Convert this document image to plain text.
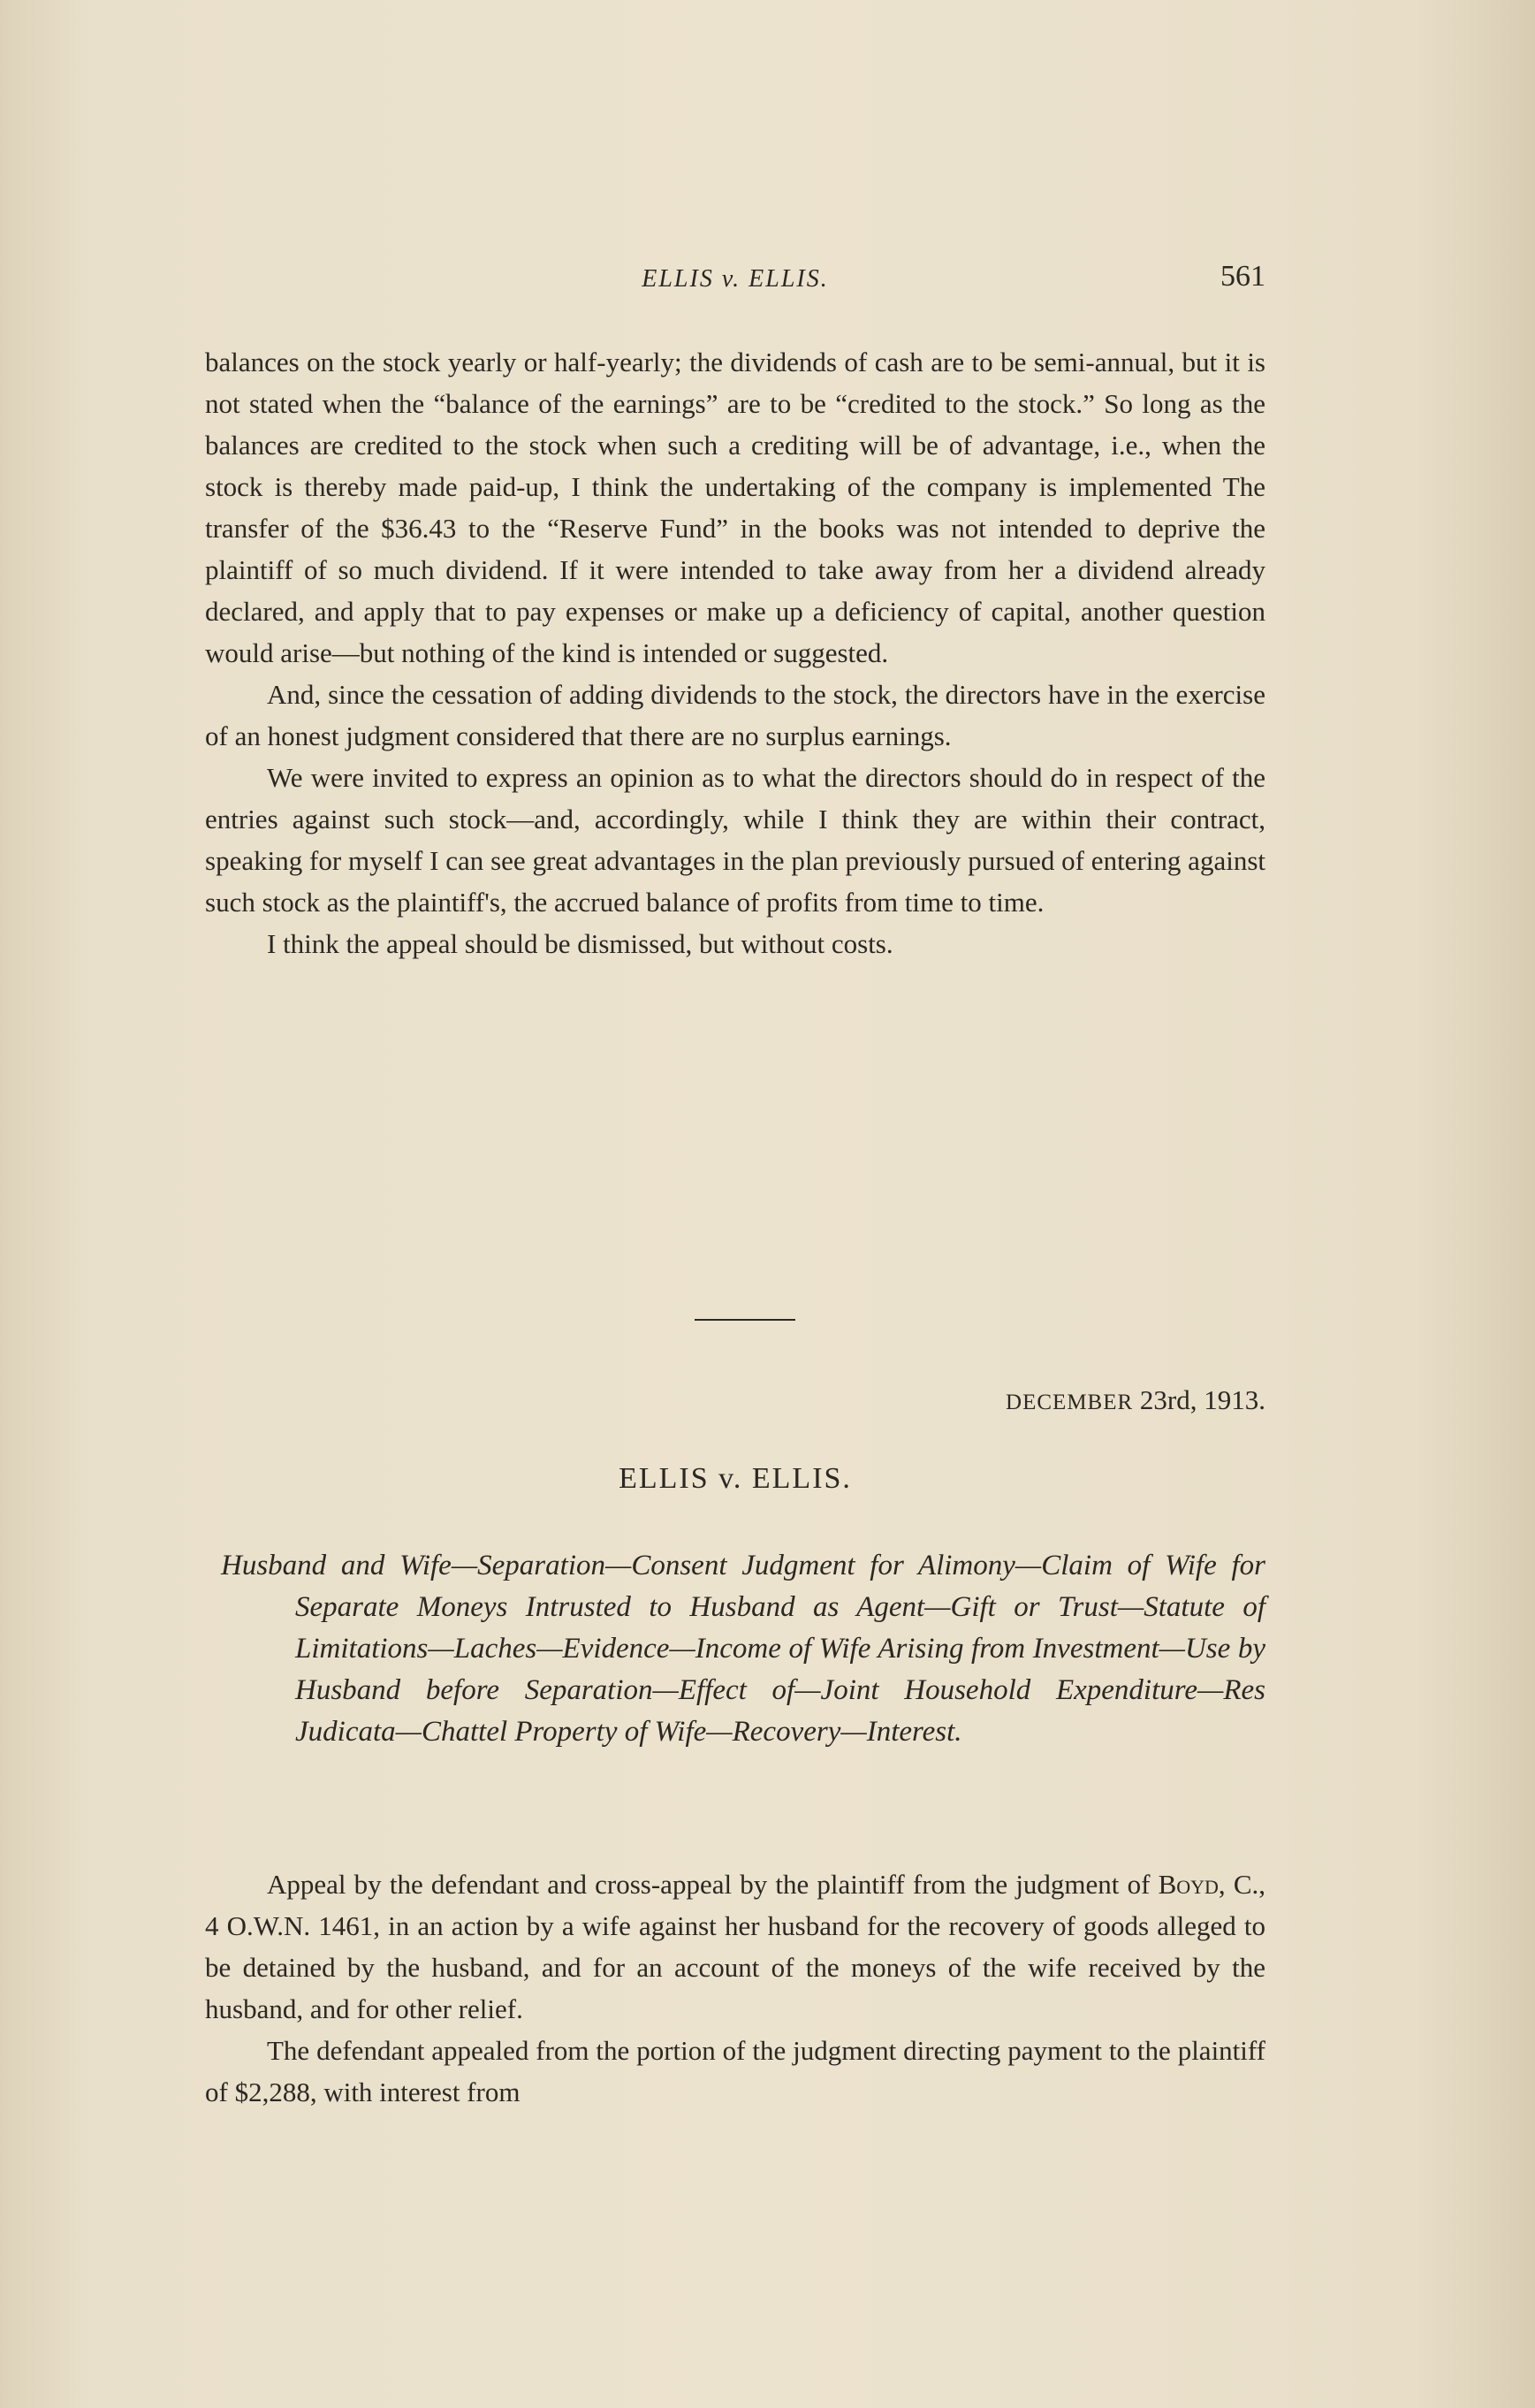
ELLIS v. ELLIS.	561

balances on the stock yearly or half-yearly; the dividends of cash are to be semi-annual, but it is not stated when the “balance of the earnings” are to be “credited to the stock.” So long as the balances are credited to the stock when such a crediting will be of advantage, i.e., when the stock is thereby made paid-up, I think the undertaking of the company is implemented The transfer of the $36.43 to the “Reserve Fund” in the books was not intended to deprive the plaintiff of so much dividend. If it were intended to take away from her a dividend already declared, and apply that to pay expenses or make up a deficiency of capital, another question would arise—but nothing of the kind is intended or suggested.

And, since the cessation of adding dividends to the stock, the directors have in the exercise of an honest judgment considered that there are no surplus earnings.

We were invited to express an opinion as to what the directors should do in respect of the entries against such stock—and, accordingly, while I think they are within their contract, speaking for myself I can see great advantages in the plan previously pursued of entering against such stock as the plaintiff's, the accrued balance of profits from time to time.

I think the appeal should be dismissed, but without costs.

DECEMBER 23rd, 1913.
ELLIS v. ELLIS.
Husband and Wife—Separation—Consent Judgment for Alimony—Claim of Wife for Separate Moneys Intrusted to Husband as Agent—Gift or Trust—Statute of Limitations—Laches—Evidence—Income of Wife Arising from Investment—Use by Husband before Separation—Effect of—Joint Household Expenditure—Res Judicata—Chattel Property of Wife—Recovery—Interest.

Appeal by the defendant and cross-appeal by the plaintiff from the judgment of Boyd, C., 4 O.W.N. 1461, in an action by a wife against her husband for the recovery of goods alleged to be detained by the husband, and for an account of the moneys of the wife received by the husband, and for other relief.

The defendant appealed from the portion of the judgment directing payment to the plaintiff of $2,288, with interest from
